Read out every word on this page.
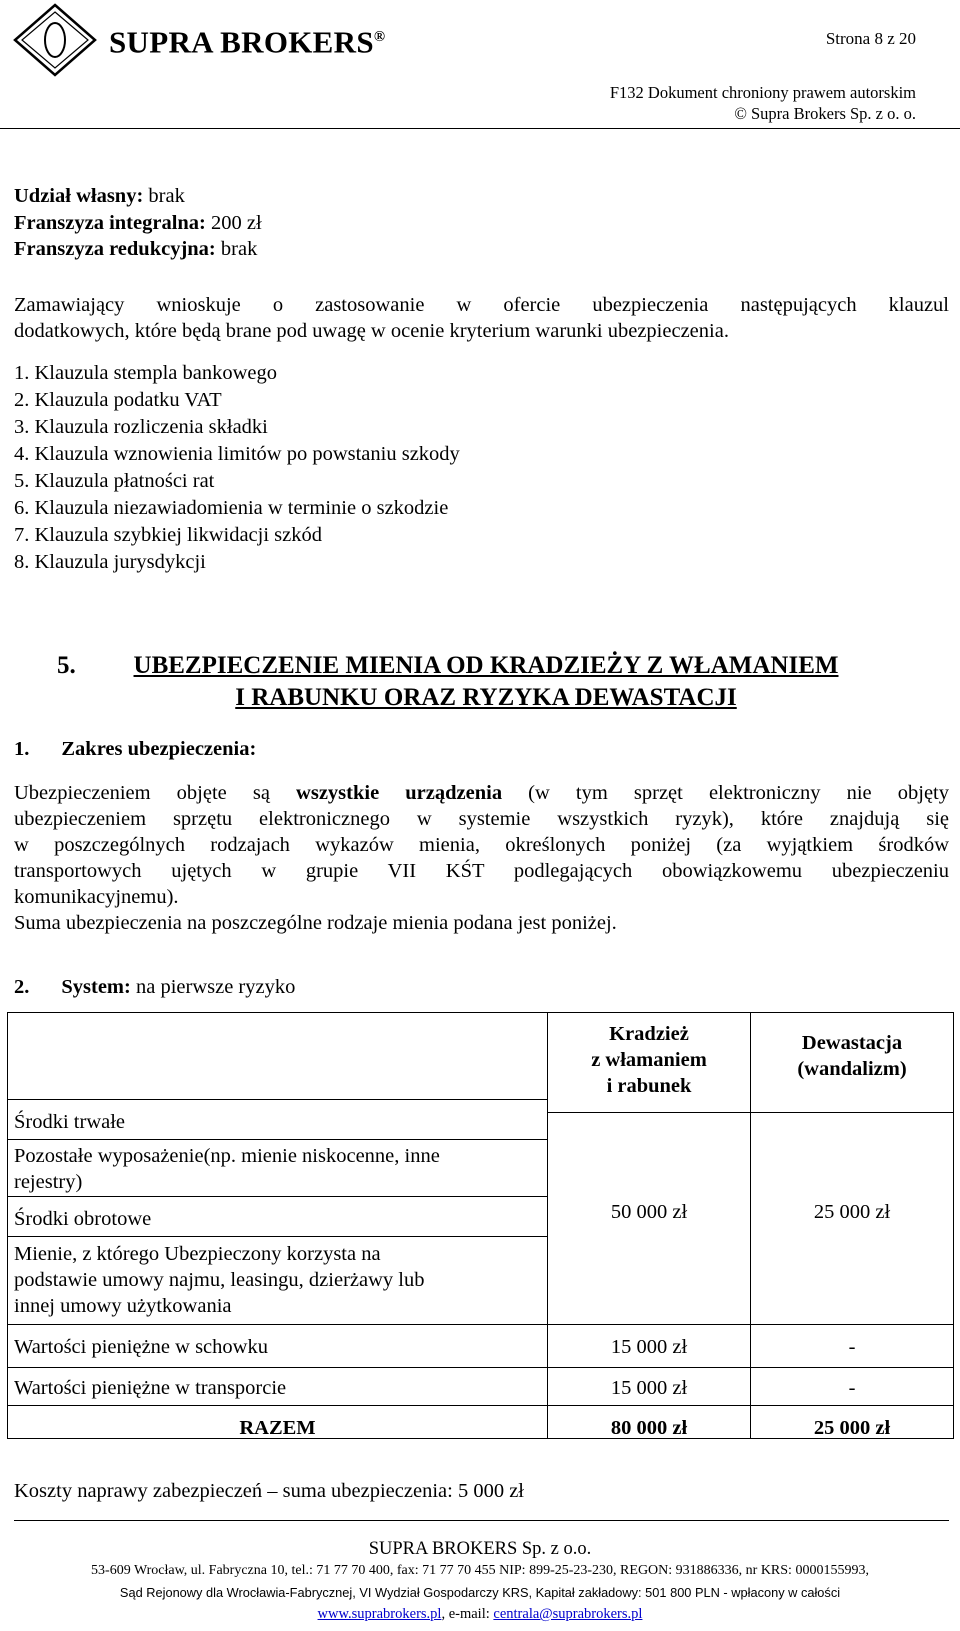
SUPRA BROKERS®	Strona 8 z 20
F132 Dokument chroniony prawem autorskim
© Supra Brokers Sp. z o. o.
Udział własny: brak
Franszyza integralna: 200 zł
Franszyza redukcyjna: brak
Zamawiający wnioskuje o zastosowanie w ofercie ubezpieczenia następujących klauzul
dodatkowych, które będą brane pod uwagę w ocenie kryterium warunki ubezpieczenia.
1. Klauzula stempla bankowego
2. Klauzula podatku VAT
3. Klauzula rozliczenia składki
4. Klauzula wznowienia limitów po powstaniu szkody
5. Klauzula płatności rat
6. Klauzula niezawiadomienia w terminie o szkodzie
7. Klauzula szybkiej likwidacji szkód
8. Klauzula jurysdykcji
5.	UBEZPIECZENIE MIENIA OD KRADZIEŻY Z WŁAMANIEM
I RABUNKU ORAZ RYZYKA DEWASTACJI
1. Zakres ubezpieczenia:
Ubezpieczeniem objęte są wszystkie urządzenia (w tym sprzęt elektroniczny nie objęty
ubezpieczeniem sprzętu elektronicznego w systemie wszystkich ryzyk), które znajdują się
w poszczególnych rodzajach wykazów mienia, określonych poniżej (za wyjątkiem środków
transportowych ujętych w grupie VII KŚT podlegających obowiązkowemu ubezpieczeniu
komunikacyjnemu).
Suma ubezpieczenia na poszczególne rodzaje mienia podana jest poniżej.
2. System: na pierwsze ryzyko
Kradzież
z włamaniem
i rabunek
Dewastacja
(wandalizm)
Środki trwałe
Pozostałe wyposażenie(np. mienie niskocenne, inne
rejestry)
Środki obrotowe
Mienie, z którego Ubezpieczony korzysta na
podstawie umowy najmu, leasingu, dzierżawy lub
innej umowy użytkowania
50 000 zł	25 000 zł
Wartości pieniężne w schowku	15 000 zł	-
Wartości pieniężne w transporcie	15 000 zł	-
RAZEM	80 000 zł	25 000 zł
Koszty naprawy zabezpieczeń – suma ubezpieczenia: 5 000 zł
SUPRA BROKERS Sp. z o.o.
53-609 Wrocław, ul. Fabryczna 10, tel.: 71 77 70 400, fax: 71 77 70 455 NIP: 899-25-23-230, REGON: 931886336, nr KRS: 0000155993,
Sąd Rejonowy dla Wrocławia-Fabrycznej, VI Wydział Gospodarczy KRS, Kapitał zakładowy: 501 800 PLN - wpłacony w całości
www.suprabrokers.pl, e-mail: centrala@suprabrokers.pl
